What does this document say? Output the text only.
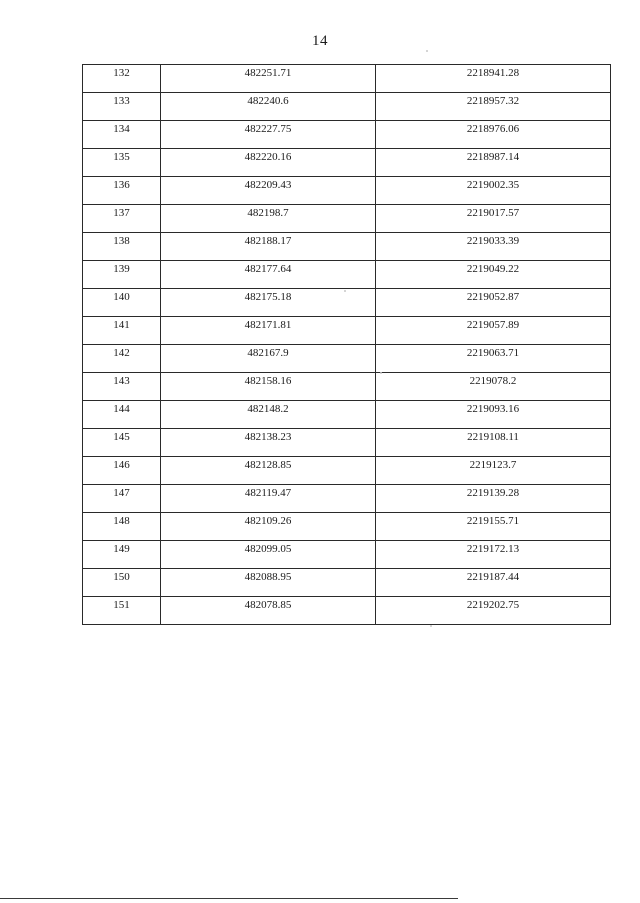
14
132	482251.71	2218941.28
133	482240.6	2218957.32
134	482227.75	2218976.06
135	482220.16	2218987.14
136	482209.43	2219002.35
137	482198.7	2219017.57
138	482188.17	2219033.39
139	482177.64	2219049.22
140	482175.18	2219052.87
141	482171.81	2219057.89
142	482167.9	2219063.71
143	482158.16	2219078.2
144	482148.2	2219093.16
145	482138.23	2219108.11
146	482128.85	2219123.7
147	482119.47	2219139.28
148	482109.26	2219155.71
149	482099.05	2219172.13
150	482088.95	2219187.44
151	482078.85	2219202.75
